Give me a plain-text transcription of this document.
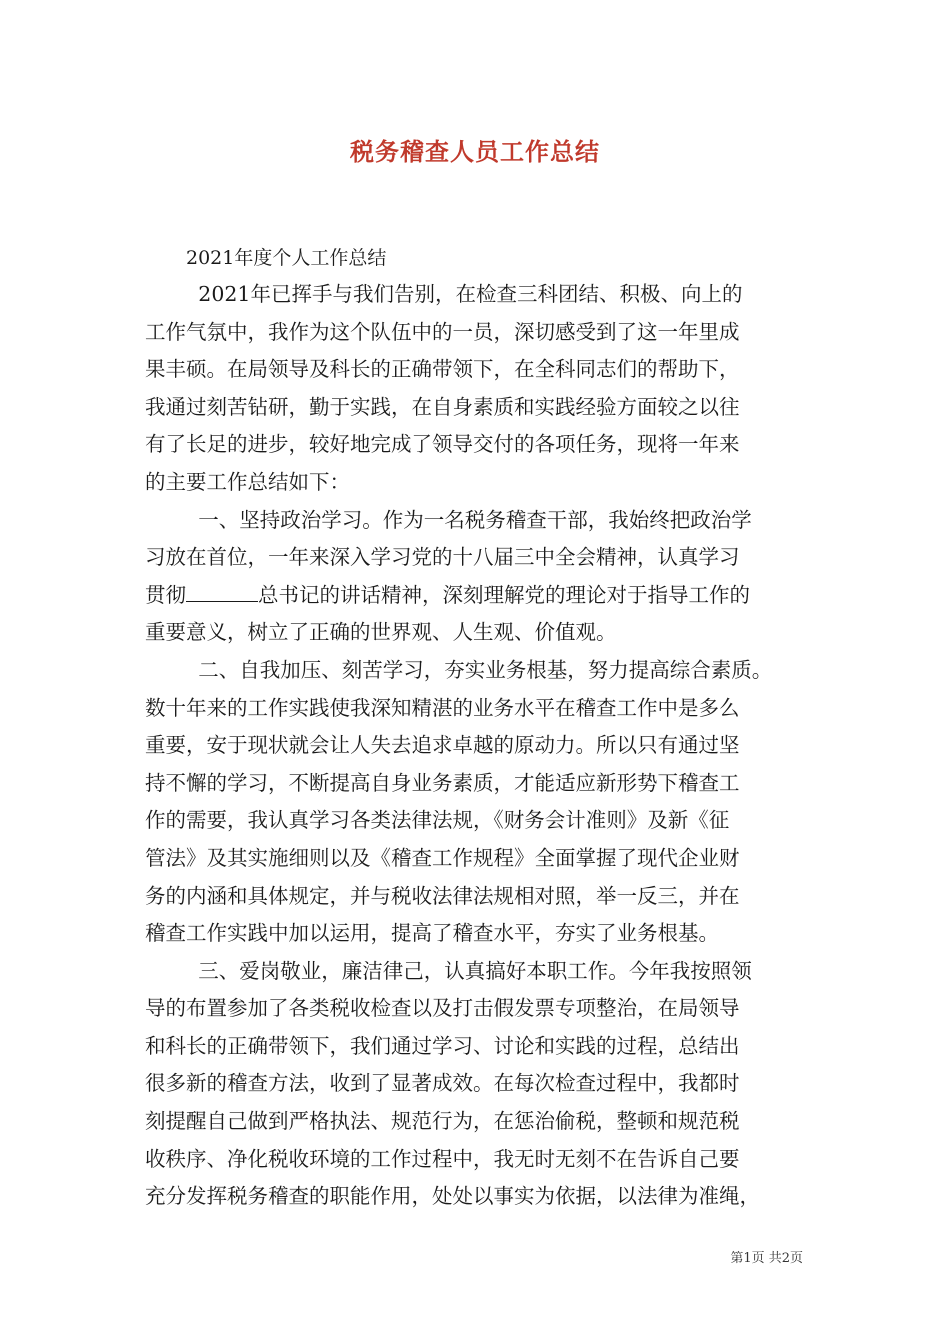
税务稽查人员工作总结
2021年度个人工作总结
2021年已挥手与我们告别，在检查三科团结、积极、向上的
工作气氛中，我作为这个队伍中的一员，深切感受到了这一年里成
果丰硕。在局领导及科长的正确带领下，在全科同志们的帮助下，
我通过刻苦钻研，勤于实践，在自身素质和实践经验方面较之以往
有了长足的进步，较好地完成了领导交付的各项任务，现将一年来
的主要工作总结如下：
一、坚持政治学习。作为一名税务稽查干部，我始终把政治学
习放在首位，一年来深入学习党的十八届三中全会精神，认真学习
贯彻	总书记的讲话精神，深刻理解党的理论对于指导工作的
重要意义，树立了正确的世界观、人生观、价值观。
二、自我加压、刻苦学习，夯实业务根基，努力提高综合素质。
数十年来的工作实践使我深知精湛的业务水平在稽查工作中是多么
重要，安于现状就会让人失去追求卓越的原动力。所以只有通过坚
持不懈的学习，不断提高自身业务素质，才能适应新形势下稽查工
作的需要，我认真学习各类法律法规，《财务会计准则》及新《征
管法》及其实施细则以及《稽查工作规程》全面掌握了现代企业财
务的内涵和具体规定，并与税收法律法规相对照，举一反三，并在
稽查工作实践中加以运用，提高了稽查水平，夯实了业务根基。
三、爱岗敬业，廉洁律己，认真搞好本职工作。今年我按照领
导的布置参加了各类税收检查以及打击假发票专项整治，在局领导
和科长的正确带领下，我们通过学习、讨论和实践的过程，总结出
很多新的稽查方法，收到了显著成效。在每次检查过程中，我都时
刻提醒自己做到严格执法、规范行为，在惩治偷税，整顿和规范税
收秩序、净化税收环境的工作过程中，我无时无刻不在告诉自己要
充分发挥税务稽查的职能作用，处处以事实为依据，以法律为准绳，
第1页 共2页
